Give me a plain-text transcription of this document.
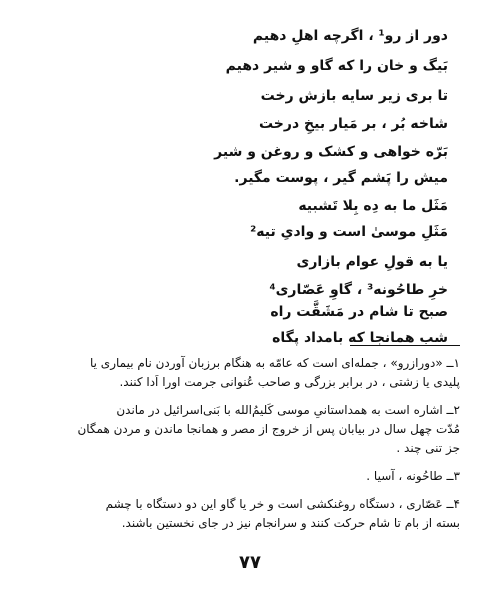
دور از رو¹ ، اگرچه اهلِ دهیم
بَیگ و خان را که گاو و شیر دهیم
تا بری زیر سایه بازش رخت
شاخه بُر ، بر مَیار بیخِ درخت
بَرّه خواهی و کشک و روغن و شیر
میش را پَشم گیر ، پوست مگیر.
مَثَل ما به دِه بِلا تَشبیه
مَثَلِ موسیٰ است و وادیِ تیه²
یا به قولِ عوام بازاری
خرِ طاحُونه³ ، گاوِ عَصّاری⁴
صبح تا شام در مَشَقَّت راه
شب همانجا که بامداد پگاه

۱ــ «دورازرو» ، جمله‌ای است که عامّه به هنگام برزبان آوردن نام بیماری یا

پلیدی یا زشتی ، در برابر بزرگی و صاحب عُنوانی جرمت اورا اَدا کنند.

۲ــ اشاره است به همداستانیِ موسی کَلیمُ‌الله با بَنی‌اسرائیل در ماندن

مُدّت چهل سال در بیابان پس از خروج از مصر و همانجا ماندن و مردن همگان

جز تنی چند .

۳ــ طاحُونه ، آسیا .

۴ــ عَصّاری ، دستگاه روغنکشی است و خر یا گاو این دو دستگاه با چشم

بسته از بام تا شام حرکت کنند و سرانجام نیز در جای نخستین باشند.

۷۷
